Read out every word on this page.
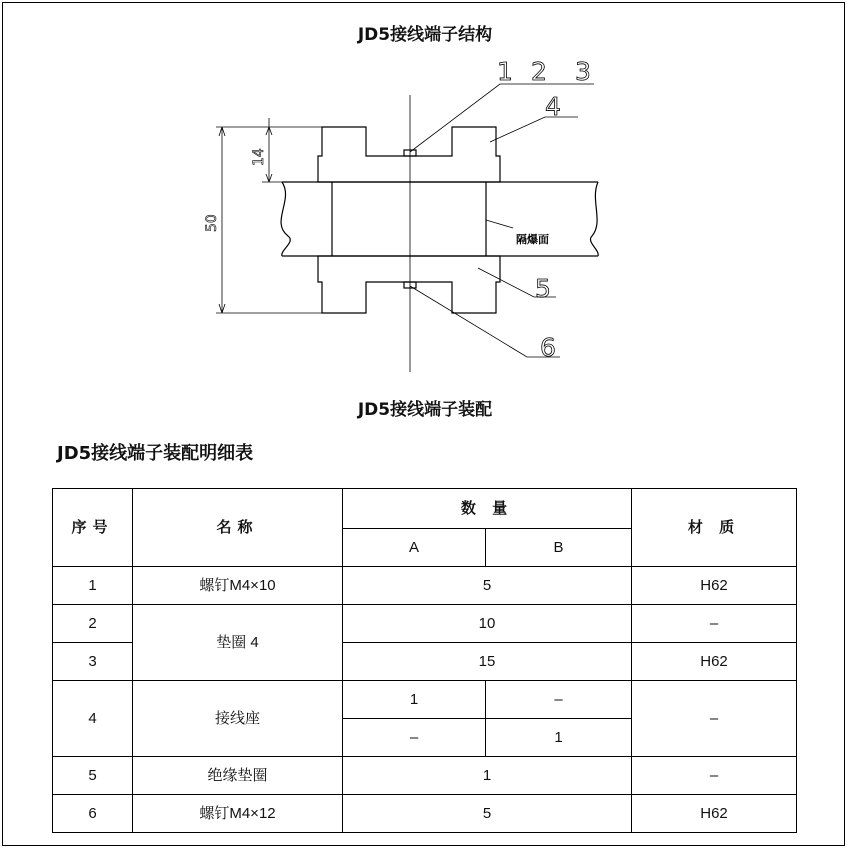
JD5接线端子结构
1 2 3
4
5
6
50
14
隔爆面
JD5接线端子装配
JD5接线端子装配明细表
序号	名称	数 量		材 质
		A	B	
1	螺钉M4×10	5		H62
2	垫圈 4	10		–
3		15		H62
4	接线座	1	–	–
		–	1	
5	绝缘垫圈	1		–
6	螺钉M4×12	5		H62
